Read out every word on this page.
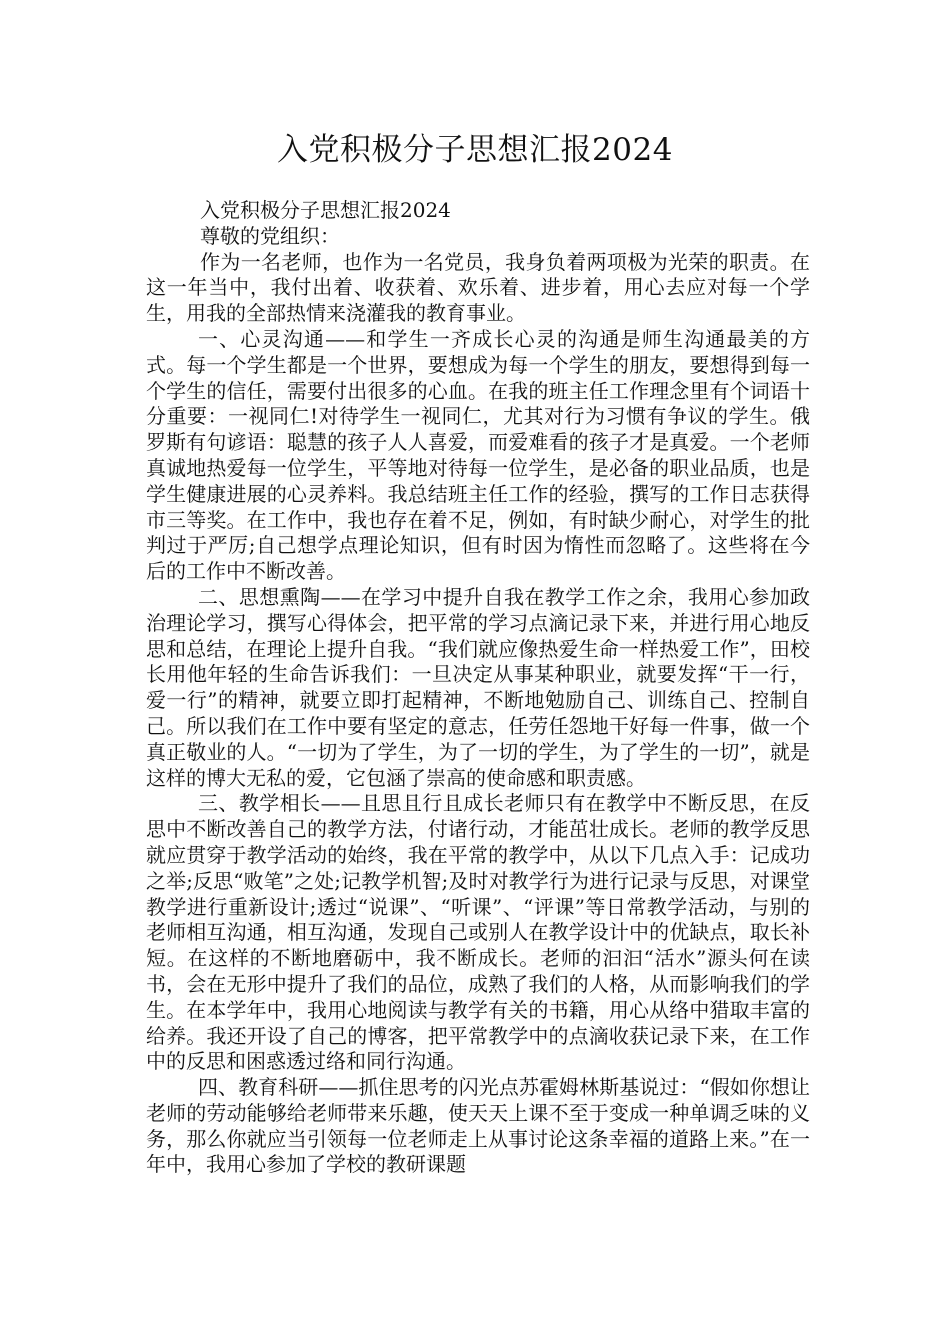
入党积极分子思想汇报2024

入党积极分子思想汇报2024

尊敬的党组织：

作为一名老师，也作为一名党员，我身负着两项极为光荣的职责。在这一年当中，我付出着、收获着、欢乐着、进步着，用心去应对每一个学生，用我的全部热情来浇灌我的教育事业。

一、心灵沟通——和学生一齐成长心灵的沟通是师生沟通最美的方式。每一个学生都是一个世界，要想成为每一个学生的朋友，要想得到每一个学生的信任，需要付出很多的心血。在我的班主任工作理念里有个词语十分重要：一视同仁!对待学生一视同仁，尤其对行为习惯有争议的学生。俄罗斯有句谚语：聪慧的孩子人人喜爱，而爱难看的孩子才是真爱。一个老师真诚地热爱每一位学生，平等地对待每一位学生，是必备的职业品质，也是学生健康进展的心灵养料。我总结班主任工作的经验，撰写的工作日志获得市三等奖。在工作中，我也存在着不足，例如，有时缺少耐心，对学生的批判过于严厉;自己想学点理论知识，但有时因为惰性而忽略了。这些将在今后的工作中不断改善。

二、思想熏陶——在学习中提升自我在教学工作之余，我用心参加政治理论学习，撰写心得体会，把平常的学习点滴记录下来，并进行用心地反思和总结，在理论上提升自我。“我们就应像热爱生命一样热爱工作”，田校长用他年轻的生命告诉我们：一旦决定从事某种职业，就要发挥“干一行，爱一行”的精神，就要立即打起精神，不断地勉励自己、训练自己、控制自己。所以我们在工作中要有坚定的意志，任劳任怨地干好每一件事，做一个真正敬业的人。“一切为了学生，为了一切的学生，为了学生的一切”，就是这样的博大无私的爱，它包涵了崇高的使命感和职责感。

三、教学相长——且思且行且成长老师只有在教学中不断反思，在反思中不断改善自己的教学方法，付诸行动，才能茁壮成长。老师的教学反思就应贯穿于教学活动的始终，我在平常的教学中，从以下几点入手：记成功之举;反思“败笔”之处;记教学机智;及时对教学行为进行记录与反思，对课堂教学进行重新设计;透过“说课”、“听课”、“评课”等日常教学活动，与别的老师相互沟通，相互沟通，发现自己或别人在教学设计中的优缺点，取长补短。在这样的不断地磨砺中，我不断成长。老师的汩汩“活水”源头何在读书，会在无形中提升了我们的品位，成熟了我们的人格，从而影响我们的学生。在本学年中，我用心地阅读与教学有关的书籍，用心从络中猎取丰富的给养。我还开设了自己的博客，把平常教学中的点滴收获记录下来，在工作中的反思和困惑透过络和同行沟通。

四、教育科研——抓住思考的闪光点苏霍姆林斯基说过：“假如你想让老师的劳动能够给老师带来乐趣，使天天上课不至于变成一种单调乏味的义务，那么你就应当引领每一位老师走上从事讨论这条幸福的道路上来。”在一年中，我用心参加了学校的教研课题
